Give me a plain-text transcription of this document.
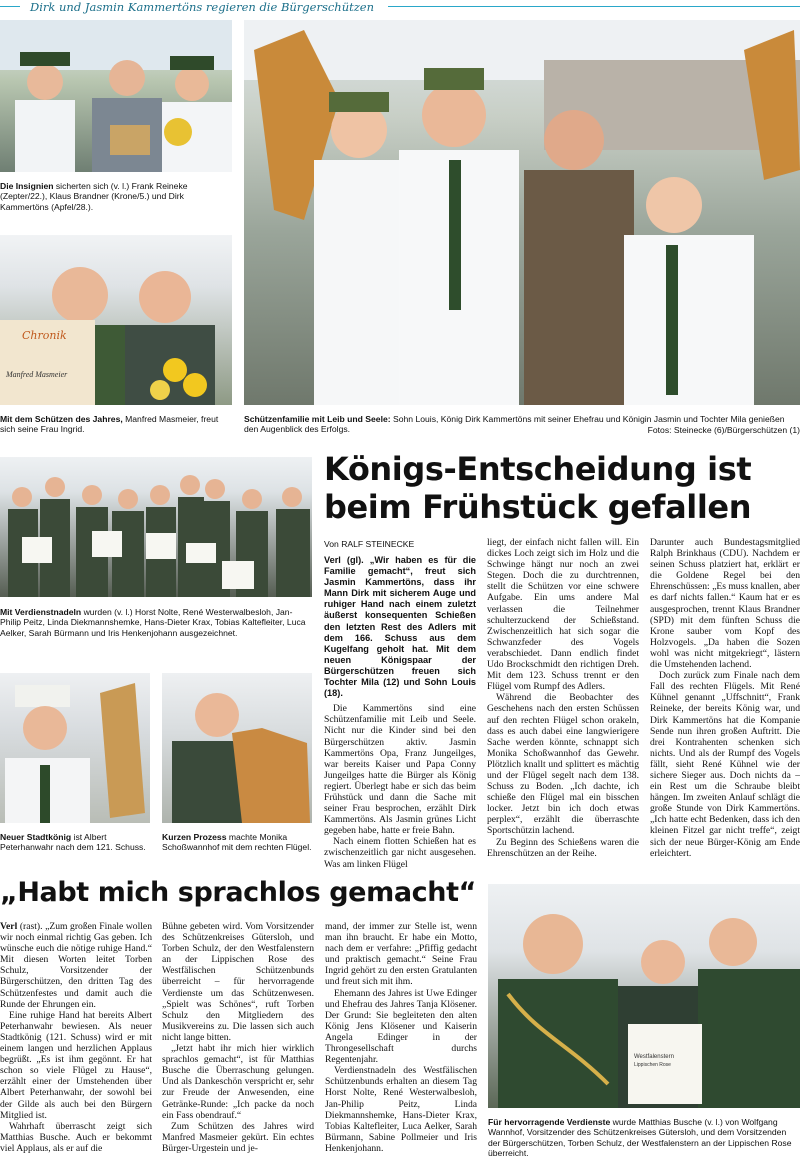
Dirk und Jasmin Kammertöns regieren die Bürgerschützen
Die Insignien sicherten sich (v. l.) Frank Reineke (Zepter/22.), Klaus Brandner (Krone/5.) und Dirk Kammertöns (Apfel/28.).
Schützenfamilie mit Leib und Seele: Sohn Louis, König Dirk Kammertöns mit seiner Ehefrau und Königin Jasmin und Tochter Mila genießen den Augenblick des Erfolgs.	Fotos: Steinecke (6)/Bürgerschützen (1)
Chronik
Manfred Masmeier
Mit dem Schützen des Jahres, Manfred Masmeier, freut sich seine Frau Ingrid.
Mit Verdienstnadeln wurden (v. l.) Horst Nolte, René Westerwalbesloh, Jan-Philip Peitz, Linda Diekmannshemke, Hans-Dieter Krax, Tobias Kaltefleiter, Luca Aelker, Sarah Bürmann und Iris Henkenjohann ausgezeichnet.
Neuer Stadtkönig ist Albert Peterhanwahr nach dem 121. Schuss.
Kurzen Prozess machte Monika Schoßwannhof mit dem rechten Flügel.
Königs-Entscheidung ist
beim Frühstück gefallen
Von RALF STEINECKE

Verl (gl). „Wir haben es für die Familie gemacht“, freut sich Jasmin Kammertöns, dass ihr Mann Dirk mit sicherem Auge und ruhiger Hand nach einem zuletzt äußerst konsequenten Schießen den letzten Rest des Adlers mit dem 166. Schuss aus dem Kugelfang geholt hat. Mit dem neuen Königspaar der Bürgerschützen freuen sich Tochter Mila (12) und Sohn Louis (18).

Die Kammertöns sind eine Schützenfamilie mit Leib und Seele. Nicht nur die Kinder sind bei den Bürgerschützen aktiv. Jasmin Kammertöns Opa, Franz Jungeilges, war bereits Kaiser und Papa Conny Jungeilges hatte die Bürger als König regiert. Überlegt habe er sich das beim Frühstück und dann die Sache mit seiner Frau besprochen, erzählt Dirk Kammertöns. Als Jasmin grünes Licht gegeben habe, hatte er freie Bahn.

Nach einem flotten Schießen hat es zwischenzeitlich gar nicht ausgesehen. Was am linken Flügel

liegt, der einfach nicht fallen will. Ein dickes Loch zeigt sich im Holz und die Schwinge hängt nur noch an zwei Stegen. Doch die zu durchtrennen, stellt die Schützen vor eine schwere Aufgabe. Ein ums andere Mal verlassen die Teilnehmer schulterzuckend der Schießstand. Zwischenzeitlich hat sich sogar die Schwanzfeder des Vogels verabschiedet. Dann endlich findet Udo Brockschmidt den richtigen Dreh. Mit dem 123. Schuss trennt er den Flügel vom Rumpf des Adlers.

Während die Beobachter des Geschehens nach den ersten Schüssen auf den rechten Flügel schon orakeln, dass es auch dabei eine langwierigere Sache werden könnte, schnappt sich Monika Schoßwannhof das Gewehr. Plötzlich knallt und splittert es mächtig und der Flügel segelt nach dem 138. Schuss zu Boden. „Ich dachte, ich schieße den Flügel mal ein bisschen locker. Jetzt bin ich doch etwas perplex“, erzählt die überraschte Sportschützin lachend.

Zu Beginn des Schießens waren die Ehrenschützen an der Reihe.

Darunter auch Bundestagsmitglied Ralph Brinkhaus (CDU). Nachdem er seinen Schuss platziert hat, erklärt er die Goldene Regel bei den Ehrenschüssen: „Es muss knallen, aber es darf nichts fallen.“ Kaum hat er es ausgesprochen, trennt Klaus Brandner (SPD) mit dem fünften Schuss die Krone sauber vom Kopf des Holzvogels. „Da haben die Sozen wohl was nicht mitgekriegt“, lästern die Umstehenden lachend.

Doch zurück zum Finale nach dem Fall des rechten Flügels. Mit René Kühnel genannt „Uffschnitt“, Frank Reineke, der bereits König war, und Dirk Kammertöns hat die Kompanie Sende nun ihren großen Auftritt. Die drei Kontrahenten schenken sich nichts. Und als der Rumpf des Vogels fällt, sieht René Kühnel wie der sichere Sieger aus. Doch nichts da – ein Rest um die Schraube bleibt hängen. Im zweiten Anlauf schlägt die große Stunde von Dirk Kammertöns. „Ich hatte echt Bedenken, dass ich den kleinen Fitzel gar nicht treffe“, zeigt sich der neue Bürger-König am Ende erleichtert.

„Habt mich sprachlos gemacht“

Verl (rast). „Zum großen Finale wollen wir noch einmal richtig Gas geben. Ich wünsche euch die nötige ruhige Hand.“ Mit diesen Worten leitet Torben Schulz, Vorsitzender der Bürgerschützen, den dritten Tag des Schützenfestes und damit auch die Runde der Ehrungen ein.

Eine ruhige Hand hat bereits Albert Peterhanwahr bewiesen. Als neuer Stadtkönig (121. Schuss) wird er mit einem langen und herzlichen Applaus begrüßt. „Es ist ihm gegönnt. Er hat schon so viele Flügel zu Hause“, erzählt einer der Umstehenden über Albert Peterhanwahr, der sowohl bei der Gilde als auch bei den Bürgern Mitglied ist.

Wahrhaft überrascht zeigt sich Matthias Busche. Auch er bekommt viel Applaus, als er auf die

Bühne gebeten wird. Vom Vorsitzender des Schützenkreises Gütersloh, und Torben Schulz, der den Westfalenstern an der Lippischen Rose des Westfälischen Schützenbunds überreicht – für hervorragende Verdienste um das Schützenwesen. „Spielt was Schönes“, ruft Torben Schulz den Mitgliedern des Musikvereins zu. Die lassen sich auch nicht lange bitten.

„Jetzt habt ihr mich hier wirklich sprachlos gemacht“, ist für Matthias Busche die Überraschung gelungen. Und als Dankeschön verspricht er, sehr zur Freude der Anwesenden, eine Getränke-Runde: „Ich packe da noch ein Fass obendrauf.“

Zum Schützen des Jahres wird Manfred Masmeier gekürt. Ein echtes Bürger-Urgestein und je-

mand, der immer zur Stelle ist, wenn man ihn braucht. Er habe ein Motto, nach dem er verfahre: „Pfiffig gedacht und praktisch gemacht.“ Seine Frau Ingrid gehört zu den ersten Gratulanten und freut sich mit ihm.

Ehemann des Jahres ist Uwe Edinger und Ehefrau des Jahres Tanja Klösener. Der Grund: Sie begleiteten den alten König Jens Klösener und Kaiserin Angela Edinger in der Throngesellschaft durchs Regentenjahr.

Verdienstnadeln des Westfälischen Schützenbunds erhalten an diesem Tag Horst Nolte, René Westerwalbesloh, Jan-Philip Peitz, Linda Diekmannshemke, Hans-Dieter Krax, Tobias Kaltefleiter, Luca Aelker, Sarah Bürmann, Sabine Pollmeier und Iris Henkenjohann.

Westfalenstern
Lippischen Rose
Für hervorragende Verdienste wurde Matthias Busche (v. l.) von Wolfgang Wannhof, Vorsitzender des Schützenkreises Gütersloh, und dem Vorsitzenden der Bürgerschützen, Torben Schulz, der Westfalenstern an der Lippischen Rose überreicht.
